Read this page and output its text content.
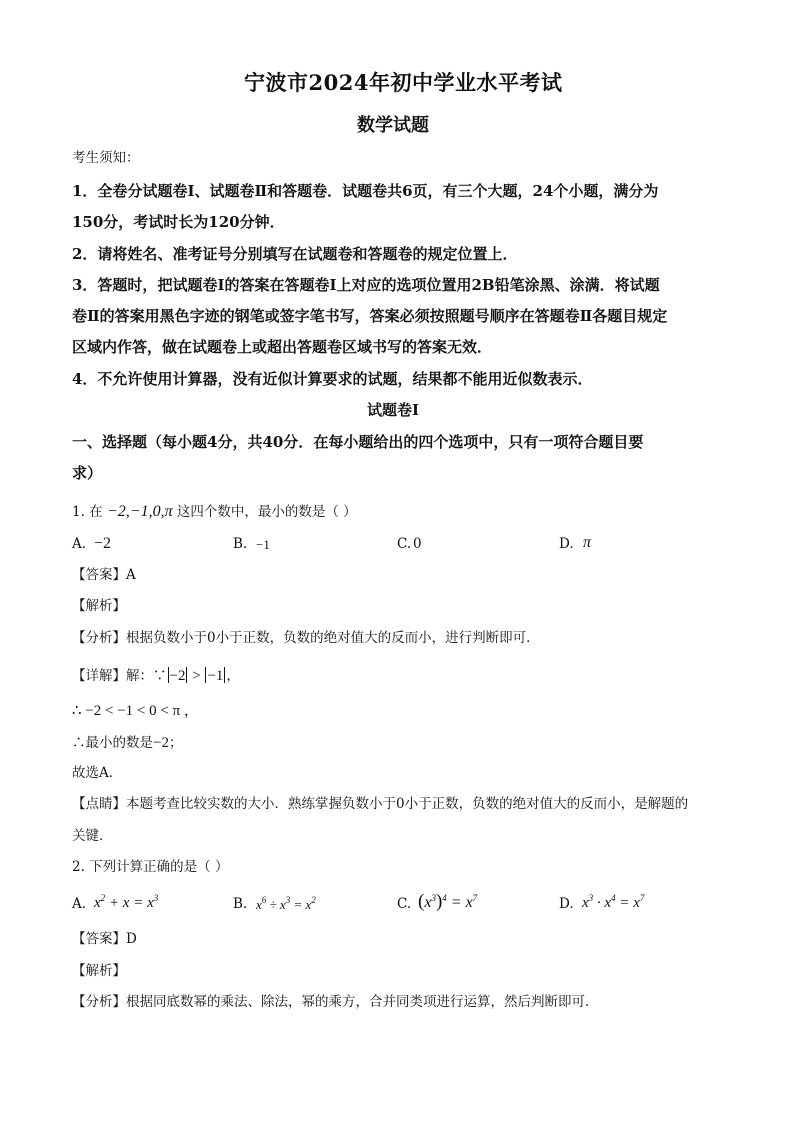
宁波市2024年初中学业水平考试
数学试题
考生须知：
1．全卷分试题卷Ⅰ、试题卷Ⅱ和答题卷．试题卷共6页，有三个大题，24个小题，满分为
150分，考试时长为120分钟．
2．请将姓名、准考证号分别填写在试题卷和答题卷的规定位置上．
3．答题时，把试题卷Ⅰ的答案在答题卷Ⅰ上对应的选项位置用2B铅笔涂黑、涂满．将试题
卷Ⅱ的答案用黑色字迹的钢笔或签字笔书写，答案必须按照题号顺序在答题卷Ⅱ各题目规定
区域内作答，做在试题卷上或超出答题卷区域书写的答案无效．
4．不允许使用计算器，没有近似计算要求的试题，结果都不能用近似数表示．
试题卷Ⅰ
一、选择题（每小题4分，共40分．在每小题给出的四个选项中，只有一项符合题目要
求）
1. 在 −2,−1,0,π 这四个数中，最小的数是（ ）
A. −2	B. −1	C. 0	D. π
【答案】A
【解析】
【分析】根据负数小于0小于正数，负数的绝对值大的反而小，进行判断即可．
【详解】解：∵ −2 > −1 ，
∴ −2 < −1 < 0 < π ，
∴最小的数是−2；
故选A．
【点睛】本题考查比较实数的大小．熟练掌握负数小于0小于正数，负数的绝对值大的反而小，是解题的
关键．
2. 下列计算正确的是（ ）
A. $x^2 + x = x^3$	B. $x^6 \div x^3 = x^2$	C. $(x^3)^4 = x^7$	D. $x^3 \cdot x^4 = x^7$
【答案】D
【解析】
【分析】根据同底数幂的乘法、除法，幂的乘方，合并同类项进行运算，然后判断即可．
